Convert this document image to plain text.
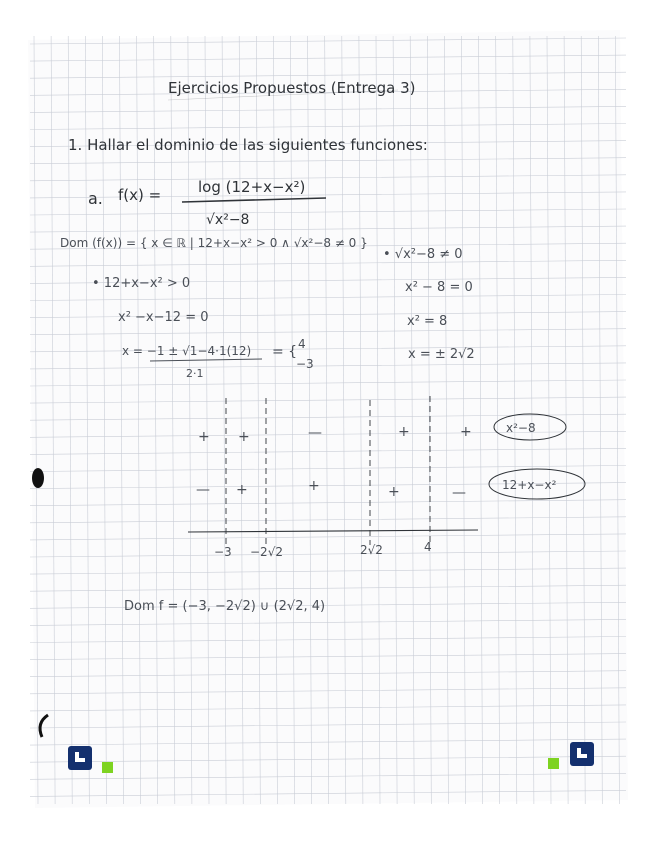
Ejercicios Propuestos (Entrega 3)
1. Hallar el dominio de las siguientes funciones:
a. f(x) = log (12+x−x²)
√x²−8
Dom (f(x)) = { x ∈ ℝ | 12+x−x² > 0 ∧ √x²−8 ≠ 0 }
• 12+x−x² > 0
x² −x−12 = 0
x = −1 ± √1−4·1(12)
2·1
= { 4
−3
• √x²−8 ≠ 0
x² − 8 = 0
x² = 8
x = ± 2√2
+ +	—	+	+
— +	+	+	—
x²−8
12+x−x²
−3 −2√2	2√2	4
Dom f = (−3, −2√2) ∪ (2√2, 4)
